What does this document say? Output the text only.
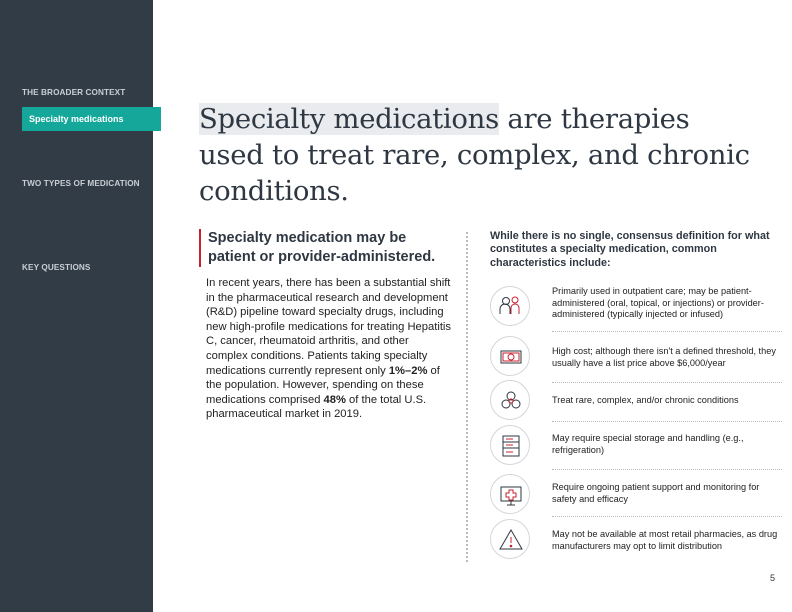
THE BROADER CONTEXT
Specialty medications
TWO TYPES OF MEDICATION
KEY QUESTIONS
Specialty medications are therapies used to treat rare, complex, and chronic conditions.
Specialty medication may be patient or provider-administered.
In recent years, there has been a substantial shift in the pharmaceutical research and development (R&D) pipeline toward specialty drugs, including new high-profile medications for treating Hepatitis C, cancer, rheumatoid arthritis, and other complex conditions. Patients taking specialty medications currently represent only 1%–2% of the population. However, spending on these medications comprised 48% of the total U.S. pharmaceutical market in 2019.
While there is no single, consensus definition for what constitutes a specialty medication, common characteristics include:
Primarily used in outpatient care; may be patient-administered (oral, topical, or injections) or provider-administered (typically injected or infused)
High cost; although there isn't a defined threshold, they usually have a list price above $6,000/year
Treat rare, complex, and/or chronic conditions
May require special storage and handling (e.g., refrigeration)
Require ongoing patient support and monitoring for safety and efficacy
May not be available at most retail pharmacies, as drug manufacturers may opt to limit distribution
5
